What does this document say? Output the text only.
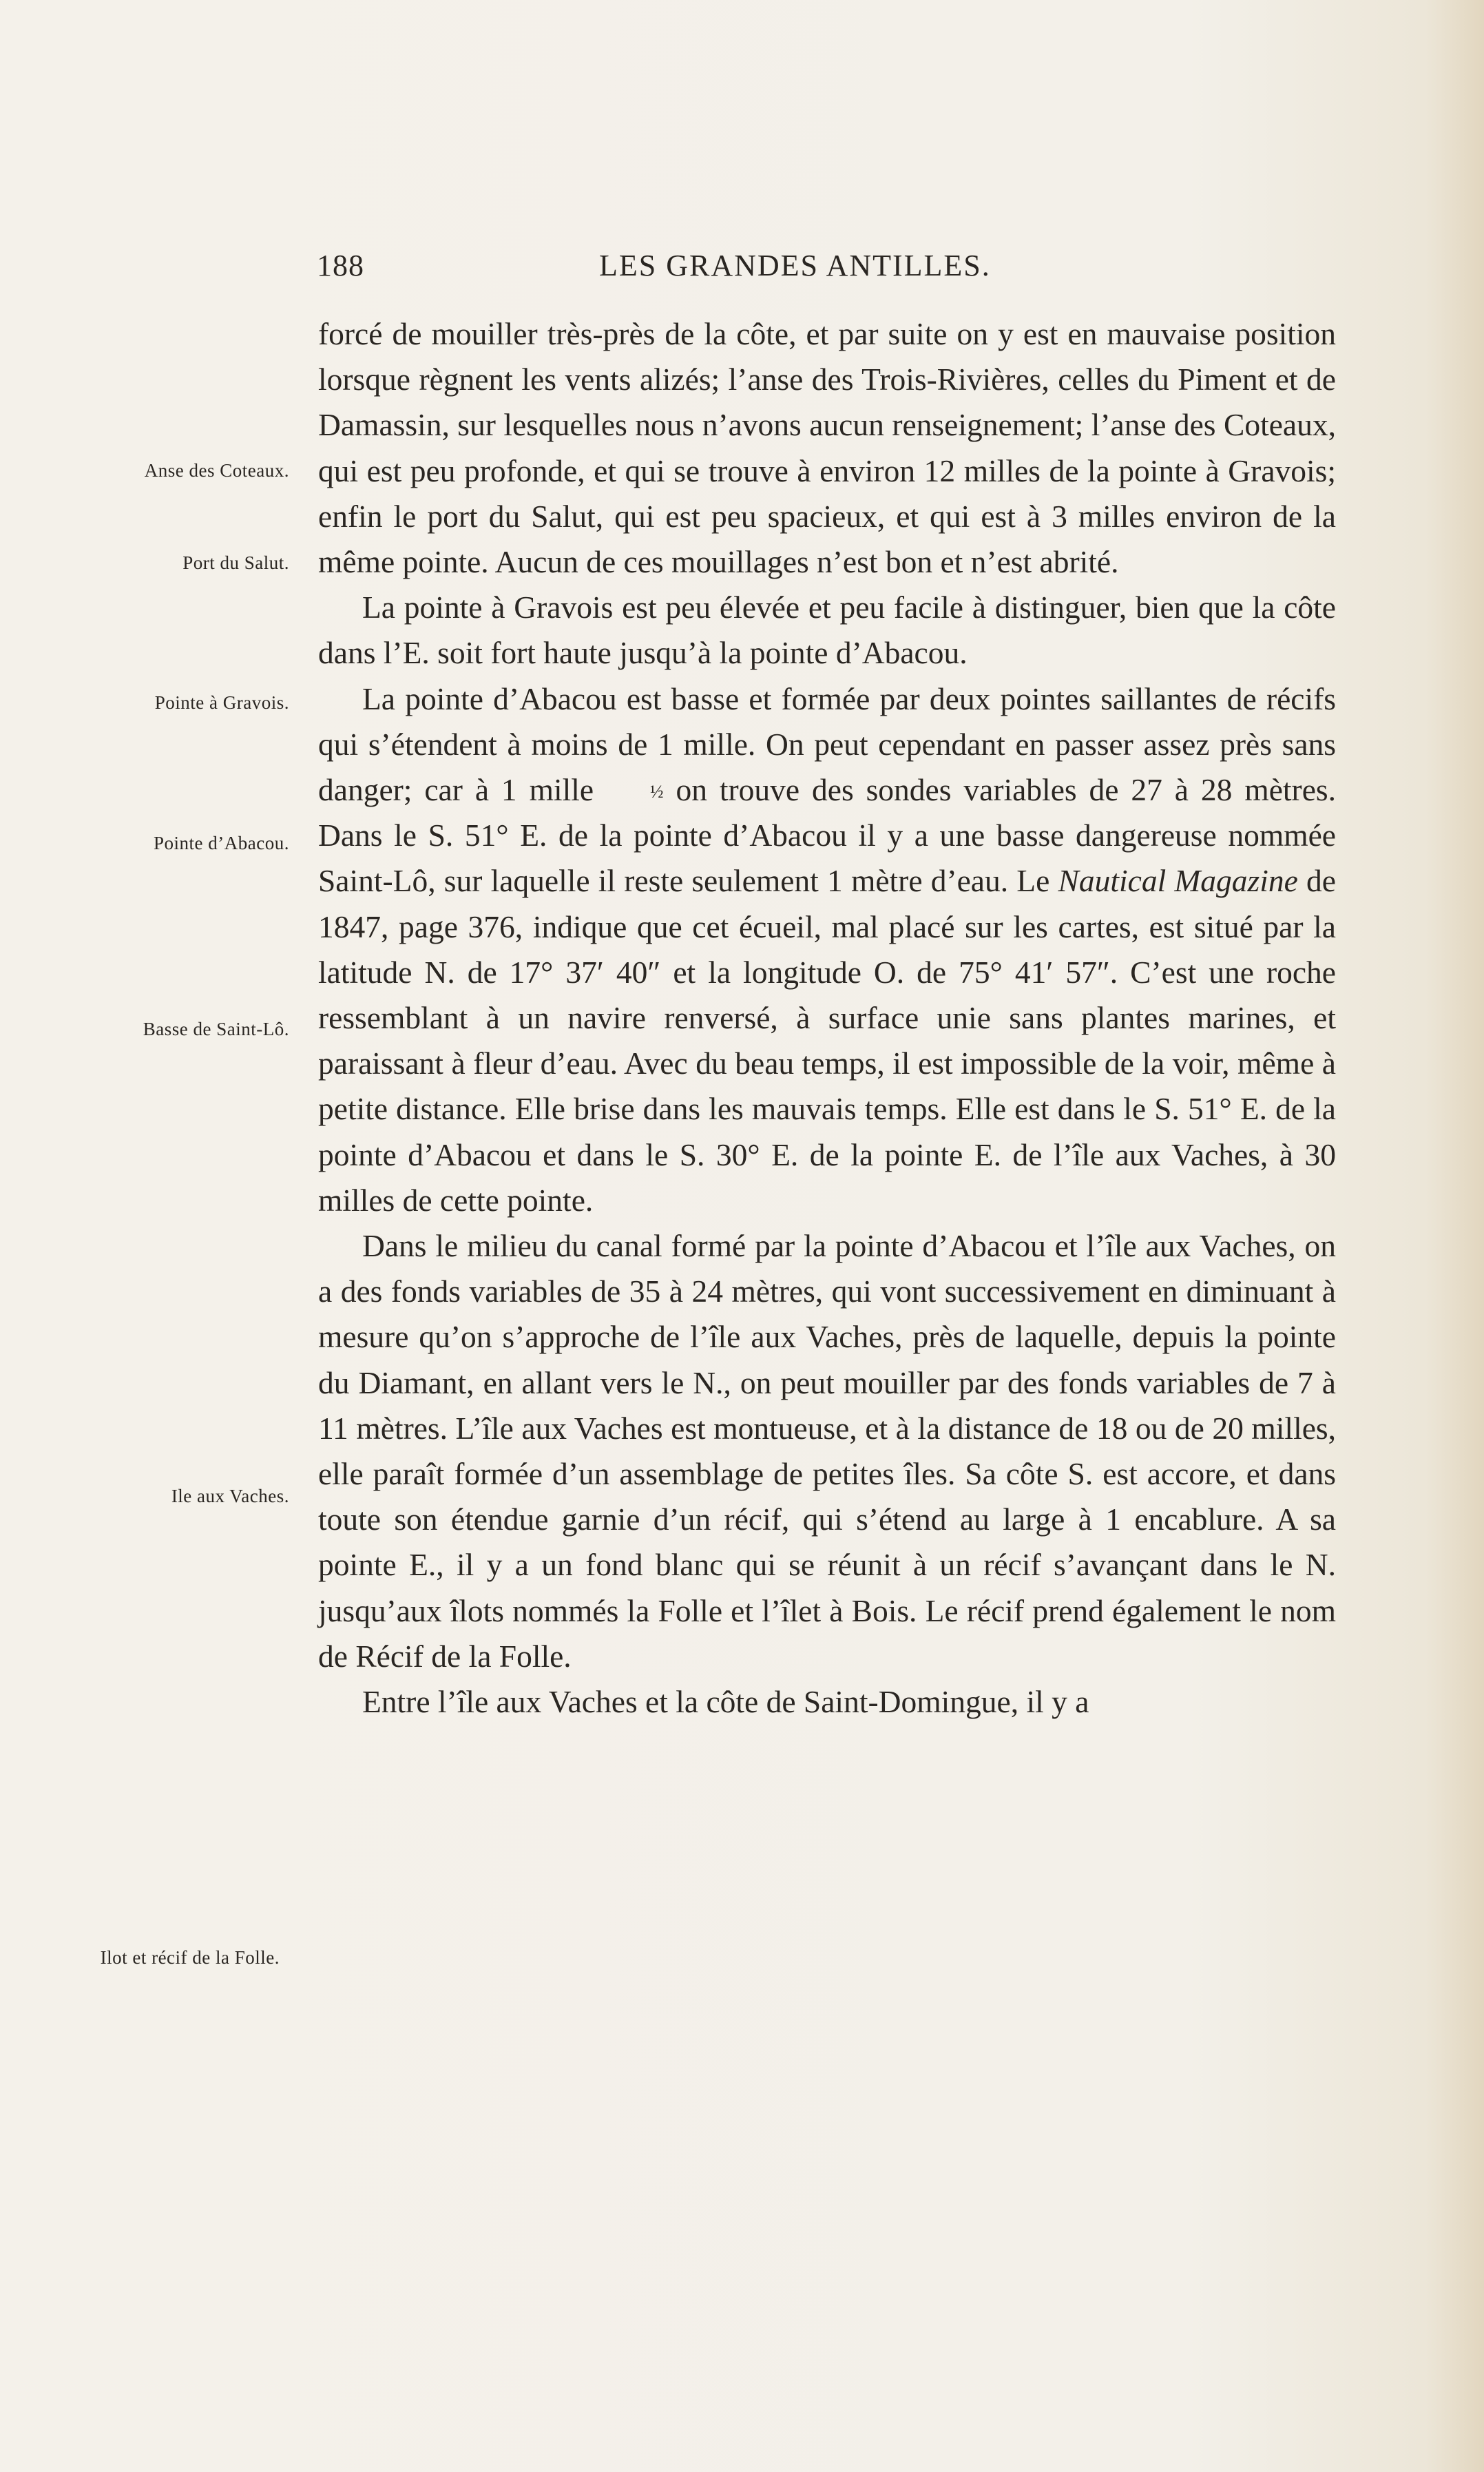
188	LES GRANDES ANTILLES.
Anse des Coteaux.
Port du Salut.
Pointe à Gravois.
Pointe d’Abacou.
Basse de Saint-Lô.
Ile aux Vaches.
Ilot et récif de la Folle.

forcé de mouiller très-près de la côte, et par suite on y est en mauvaise position lorsque règnent les vents alizés; l’anse des Trois-Rivières, celles du Piment et de Damassin, sur lesquelles nous n’avons aucun renseignement; l’anse des Coteaux, qui est peu profonde, et qui se trouve à environ 12 milles de la pointe à Gravois; enfin le port du Salut, qui est peu spacieux, et qui est à 3 milles environ de la même pointe. Aucun de ces mouillages n’est bon et n’est abrité.

La pointe à Gravois est peu élevée et peu facile à distinguer, bien que la côte dans l’E. soit fort haute jusqu’à la pointe d’Abacou.

La pointe d’Abacou est basse et formée par deux pointes saillantes de récifs qui s’étendent à moins de 1 mille. On peut cependant en passer assez près sans danger; car à 1 mille ½ on trouve des sondes variables de 27 à 28 mètres. Dans le S. 51° E. de la pointe d’Abacou il y a une basse dangereuse nommée Saint-Lô, sur laquelle il reste seulement 1 mètre d’eau. Le Nautical Magazine de 1847, page 376, indique que cet écueil, mal placé sur les cartes, est situé par la latitude N. de 17° 37′ 40″ et la longitude O. de 75° 41′ 57″. C’est une roche ressemblant à un navire renversé, à surface unie sans plantes marines, et paraissant à fleur d’eau. Avec du beau temps, il est impossible de la voir, même à petite distance. Elle brise dans les mauvais temps. Elle est dans le S. 51° E. de la pointe d’Abacou et dans le S. 30° E. de la pointe E. de l’île aux Vaches, à 30 milles de cette pointe.

Dans le milieu du canal formé par la pointe d’Abacou et l’île aux Vaches, on a des fonds variables de 35 à 24 mètres, qui vont successivement en diminuant à mesure qu’on s’approche de l’île aux Vaches, près de laquelle, depuis la pointe du Diamant, en allant vers le N., on peut mouiller par des fonds variables de 7 à 11 mètres. L’île aux Vaches est montueuse, et à la distance de 18 ou de 20 milles, elle paraît formée d’un assemblage de petites îles. Sa côte S. est accore, et dans toute son étendue garnie d’un récif, qui s’étend au large à 1 encablure. A sa pointe E., il y a un fond blanc qui se réunit à un récif s’avançant dans le N. jusqu’aux îlots nommés la Folle et l’îlet à Bois. Le récif prend également le nom de Récif de la Folle.

Entre l’île aux Vaches et la côte de Saint-Domingue, il y a
